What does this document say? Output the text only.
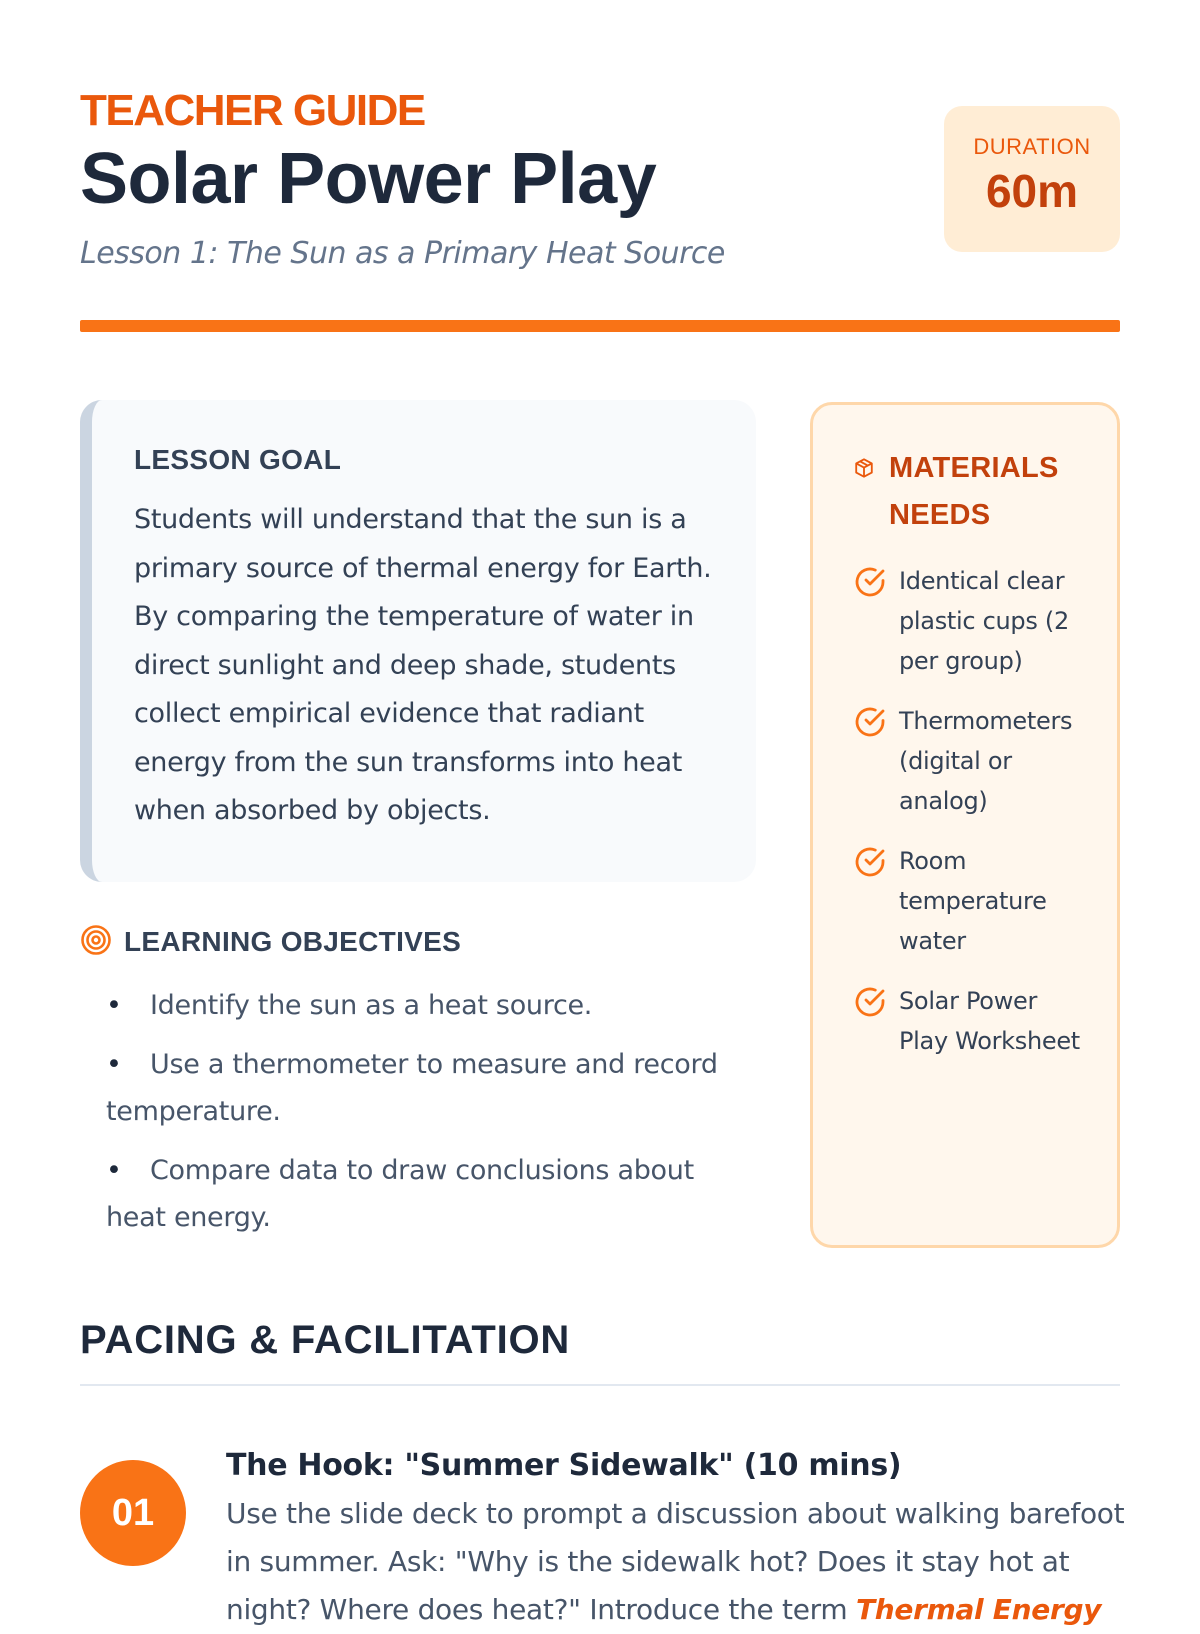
TEACHER GUIDE
Solar Power Play
Lesson 1: The Sun as a Primary Heat Source
DURATION
60m
LESSON GOAL

Students will understand that the sun is a primary source of thermal energy for Earth. By comparing the temperature of water in direct sunlight and deep shade, students collect empirical evidence that radiant energy from the sun transforms into heat when absorbed by objects.

LEARNING OBJECTIVES
• Identify the sun as a heat source.
• Use a thermometer to measure and record temperature.
• Compare data to draw conclusions about heat energy.
MATERIALS NEEDS
Identical clear plastic cups (2 per group)
Thermometers (digital or analog)
Room temperature water
Solar Power Play Worksheet
PACING & FACILITATION
01
The Hook: "Summer Sidewalk" (10 mins)

Use the slide deck to prompt a discussion about walking barefoot in summer. Ask: "Why is the sidewalk hot? Does it stay hot at night? Where does heat?" Introduce the term Thermal Energy
